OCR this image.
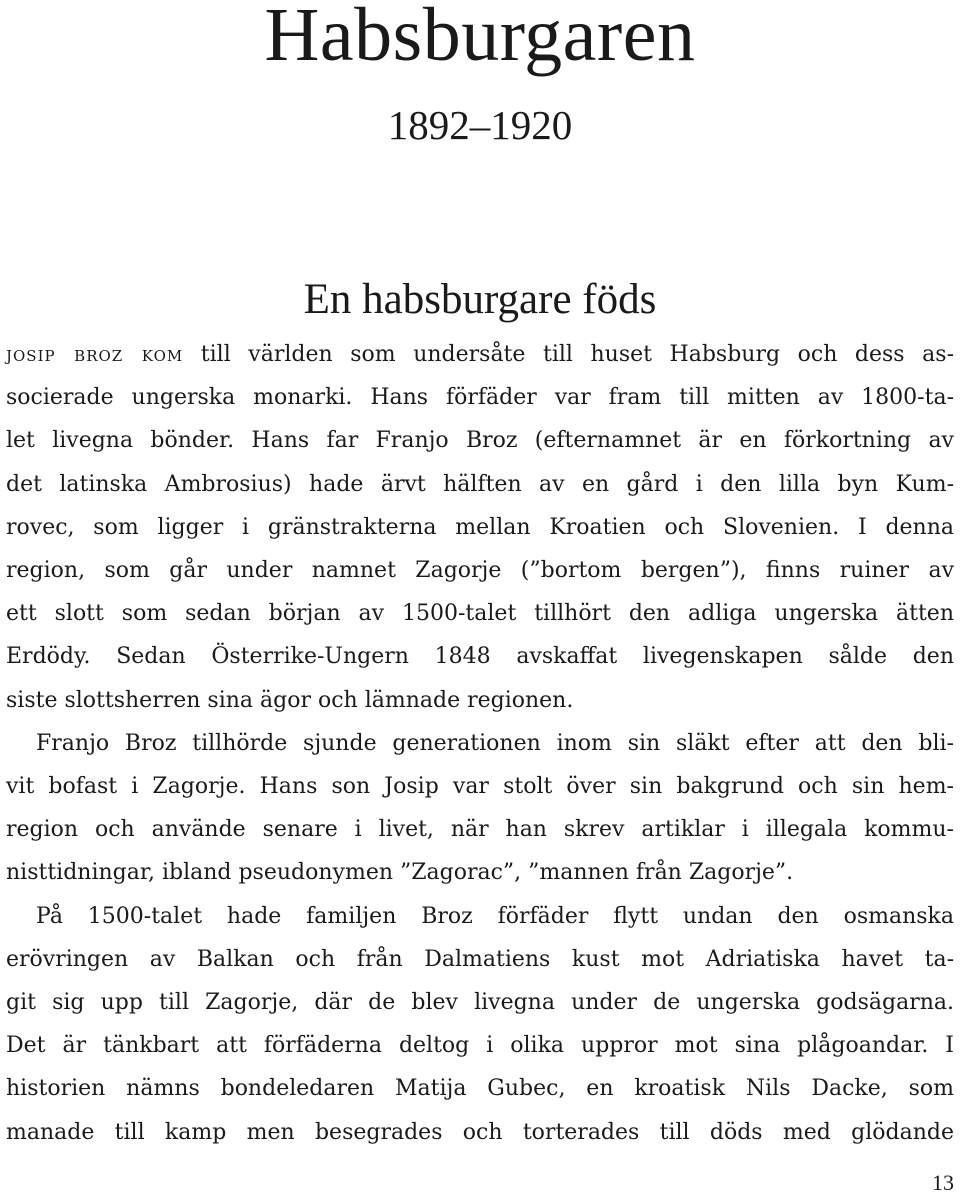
Habsburgaren
1892–1920
En habsburgare föds
josip broz kom till världen som undersåte till huset Habsburg och dess as-
socierade ungerska monarki. Hans förfäder var fram till mitten av 1800-ta-
let livegna bönder. Hans far Franjo Broz (efternamnet är en förkortning av
det latinska Ambrosius) hade ärvt hälften av en gård i den lilla byn Kum-
rovec, som ligger i gränstrakterna mellan Kroatien och Slovenien. I denna
region, som går under namnet Zagorje (”bortom bergen”), finns ruiner av
ett slott som sedan början av 1500-talet tillhört den adliga ungerska ätten
Erdödy. Sedan Österrike-Ungern 1848 avskaffat livegenskapen sålde den
siste slottsherren sina ägor och lämnade regionen.
Franjo Broz tillhörde sjunde generationen inom sin släkt efter att den bli-
vit bofast i Zagorje. Hans son Josip var stolt över sin bakgrund och sin hem-
region och använde senare i livet, när han skrev artiklar i illegala kommu-
nisttidningar, ibland pseudonymen ”Zagorac”, ”mannen från Zagorje”.
På 1500-talet hade familjen Broz förfäder flytt undan den osmanska
erövringen av Balkan och från Dalmatiens kust mot Adriatiska havet ta-
git sig upp till Zagorje, där de blev livegna under de ungerska godsägarna.
Det är tänkbart att förfäderna deltog i olika uppror mot sina plågoandar. I
historien nämns bondeledaren Matija Gubec, en kroatisk Nils Dacke, som
manade till kamp men besegrades och torterades till döds med glödande
13
